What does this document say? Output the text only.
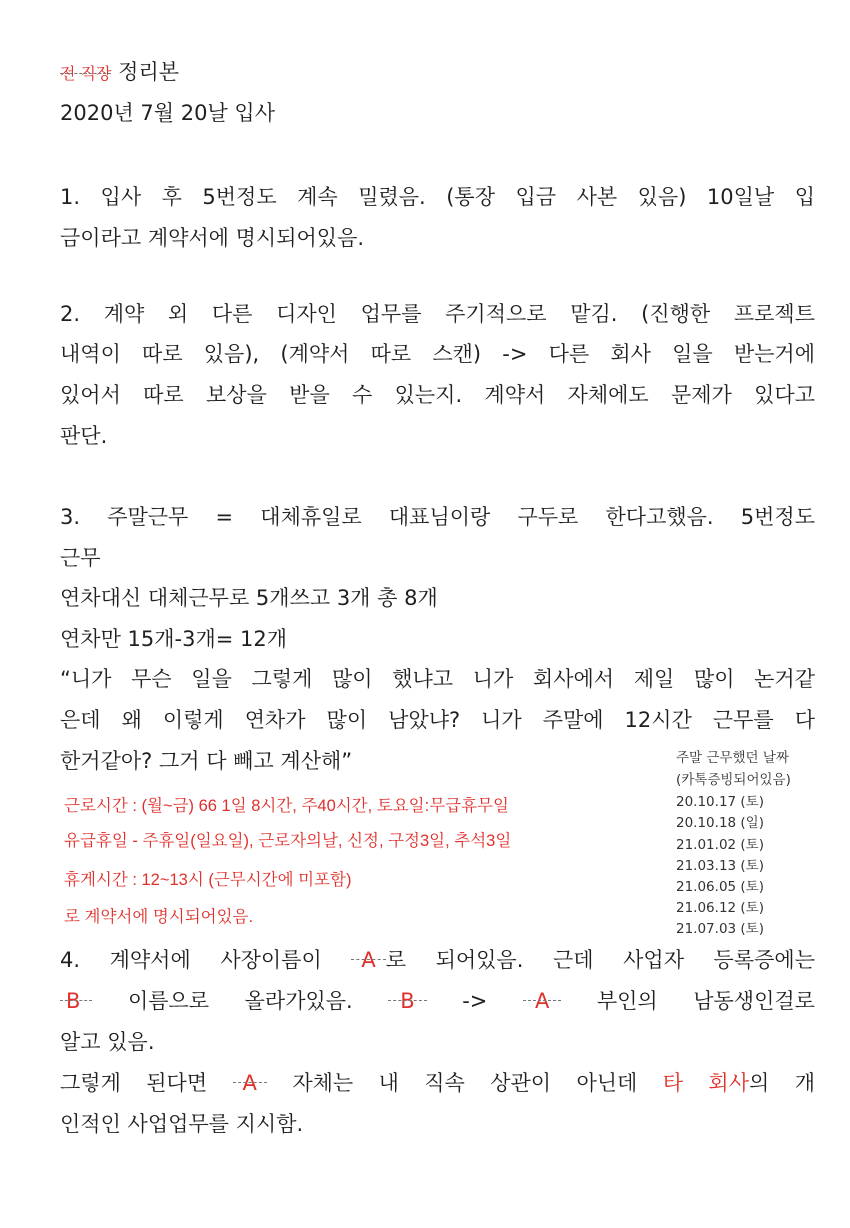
전 직장 정리본
2020년 7월 20날 입사
1. 입사 후 5번정도 계속 밀렸음. (통장 입금 사본 있음) 10일날 입
금이라고 계약서에 명시되어있음.
2. 계약 외 다른 디자인 업무를 주기적으로 맡김. (진행한 프로젝트
내역이 따로 있음), (계약서 따로 스캔) -> 다른 회사 일을 받는거에
있어서 따로 보상을 받을 수 있는지. 계약서 자체에도 문제가 있다고
판단.
3. 주말근무 = 대체휴일로 대표님이랑 구두로 한다고했음. 5번정도
근무
연차대신 대체근무로 5개쓰고 3개 총 8개
연차만 15개-3개= 12개
“니가 무슨 일을 그렇게 많이 했냐고 니가 회사에서 제일 많이 논거같
은데 왜 이렇게 연차가 많이 남았냐? 니가 주말에 12시간 근무를 다
한거같아? 그거 다 빼고 계산해”
근로시간 : (월~금) 66 1일 8시간, 주40시간, 토요일:무급휴무일
유급휴일 - 주휴일(일요일), 근로자의날, 신정, 구정3일, 추석3일
휴게시간 : 12~13시 (근무시간에 미포함)
로 계약서에 명시되어있음.
주말 근무했던 날짜
(카톡증빙되어있음)
20.10.17 (토)
20.10.18 (일)
21.01.02 (토)
21.03.13 (토)
21.06.05 (토)
21.06.12 (토)
21.07.03 (토)
4. 계약서에 사장이름이 A 로 되어있음. 근데 사업자 등록증에는
B 이름으로 올라가있음. B -> A 부인의 남동생인걸로
알고 있음.
그렇게 된다면 A 자체는 내 직속 상관이 아닌데 타 회사의 개
인적인 사업업무를 지시함.
